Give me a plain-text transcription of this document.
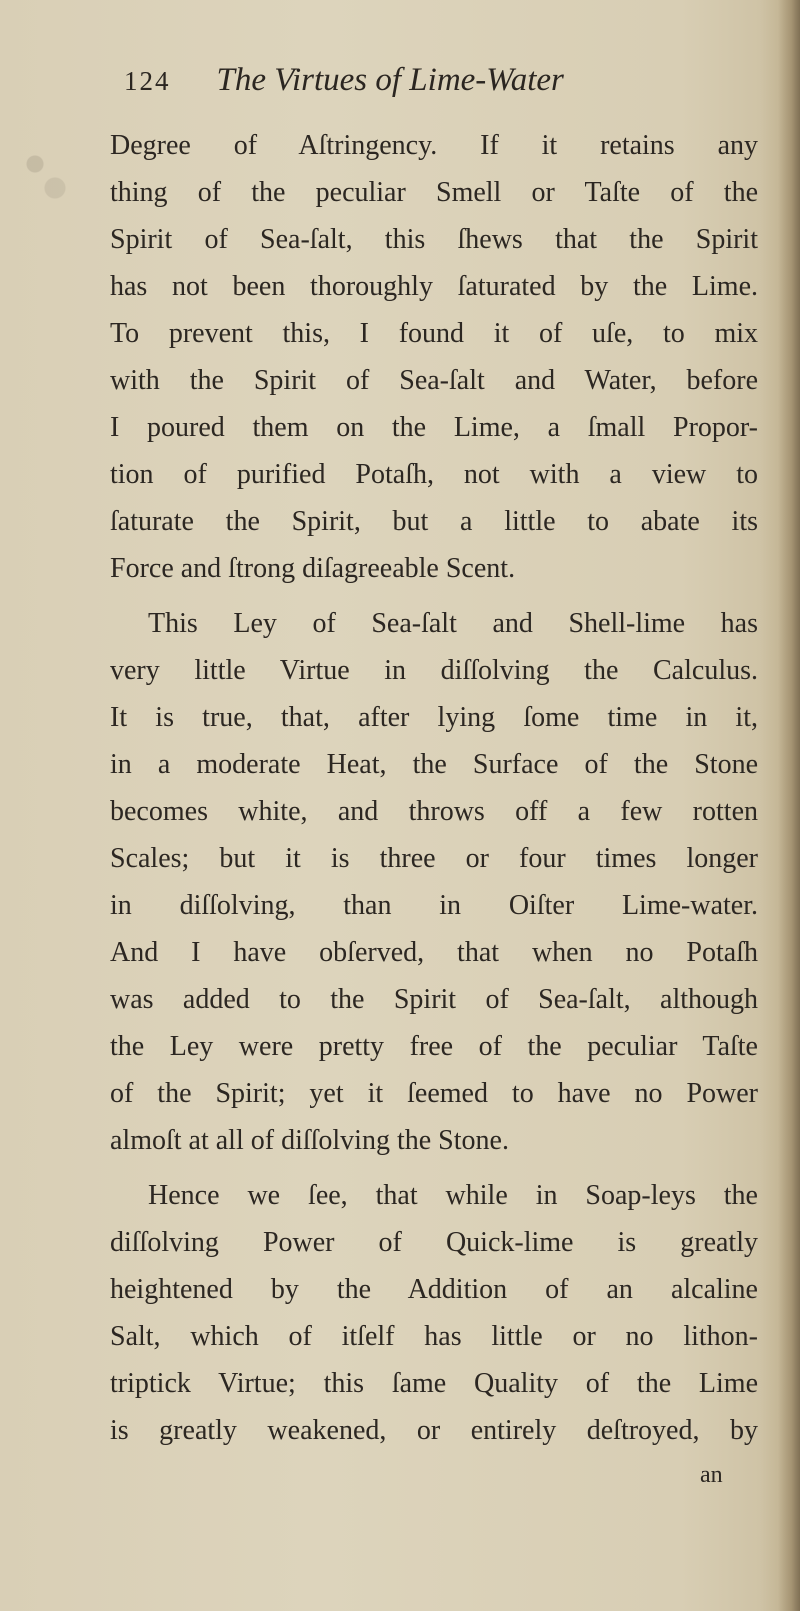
124 The Virtues of Lime-Water
Degree of Aſtringency. If it retains any
thing of the peculiar Smell or Taſte of the
Spirit of Sea-ſalt, this ſhews that the Spirit
has not been thoroughly ſaturated by the Lime.
To prevent this, I found it of uſe, to mix
with the Spirit of Sea-ſalt and Water, before
I poured them on the Lime, a ſmall Propor-
tion of purified Potaſh, not with a view to
ſaturate the Spirit, but a little to abate its
Force and ſtrong diſagreeable Scent.
This Ley of Sea-ſalt and Shell-lime has
very little Virtue in diſſolving the Calculus.
It is true, that, after lying ſome time in it,
in a moderate Heat, the Surface of the Stone
becomes white, and throws off a few rotten
Scales; but it is three or four times longer
in diſſolving, than in Oiſter Lime-water.
And I have obſerved, that when no Potaſh
was added to the Spirit of Sea-ſalt, although
the Ley were pretty free of the peculiar Taſte
of the Spirit; yet it ſeemed to have no Power
almoſt at all of diſſolving the Stone.
Hence we ſee, that while in Soap-leys the
diſſolving Power of Quick-lime is greatly
heightened by the Addition of an alcaline
Salt, which of itſelf has little or no lithon-
triptick Virtue; this ſame Quality of the Lime
is greatly weakened, or entirely deſtroyed, by
an
